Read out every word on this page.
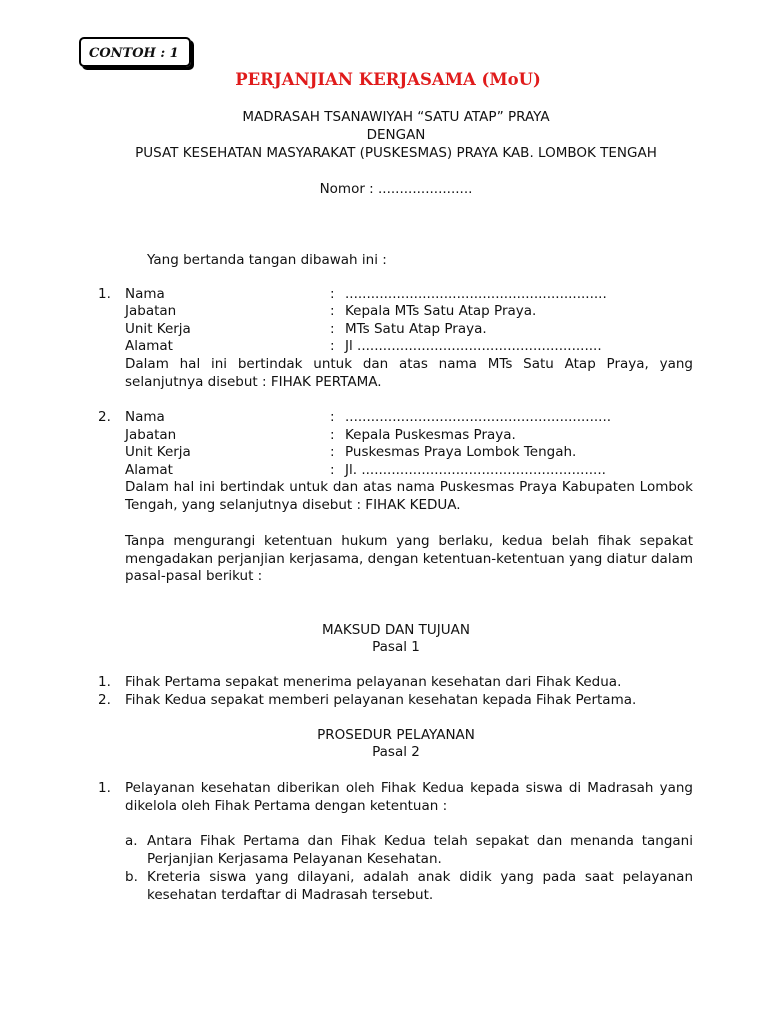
CONTOH : 1
PERJANJIAN KERJASAMA (MoU)
MADRASAH TSANAWIYAH “SATU ATAP” PRAYA
DENGAN
PUSAT KESEHATAN MASYARAKAT (PUSKESMAS) PRAYA KAB. LOMBOK TENGAH
Nomor : ......................
Yang bertanda tangan dibawah ini :
1. Nama	: .............................................................
Jabatan	: Kepala MTs Satu Atap Praya.
Unit Kerja	: MTs Satu Atap Praya.
Alamat	: Jl .........................................................
Dalam hal ini bertindak untuk dan atas nama MTs Satu Atap Praya, yang selanjutnya disebut : FIHAK PERTAMA.
2. Nama	: ..............................................................
Jabatan	: Kepala Puskesmas Praya.
Unit Kerja	: Puskesmas Praya Lombok Tengah.
Alamat	: Jl. .........................................................
Dalam hal ini bertindak untuk dan atas nama Puskesmas Praya Kabupaten Lombok Tengah, yang selanjutnya disebut : FIHAK KEDUA.
Tanpa mengurangi ketentuan hukum yang berlaku, kedua belah fihak sepakat mengadakan perjanjian kerjasama, dengan ketentuan-ketentuan yang diatur dalam pasal-pasal berikut :
MAKSUD DAN TUJUAN
Pasal 1
1. Fihak Pertama sepakat menerima pelayanan kesehatan dari Fihak Kedua.
2. Fihak Kedua sepakat memberi pelayanan kesehatan kepada Fihak Pertama.
PROSEDUR PELAYANAN
Pasal 2
1. Pelayanan kesehatan diberikan oleh Fihak Kedua kepada siswa di Madrasah yang dikelola oleh Fihak Pertama dengan ketentuan :
a. Antara Fihak Pertama dan Fihak Kedua telah sepakat dan menanda tangani Perjanjian Kerjasama Pelayanan Kesehatan.
b. Kreteria siswa yang dilayani, adalah anak didik yang pada saat pelayanan kesehatan terdaftar di Madrasah tersebut.
